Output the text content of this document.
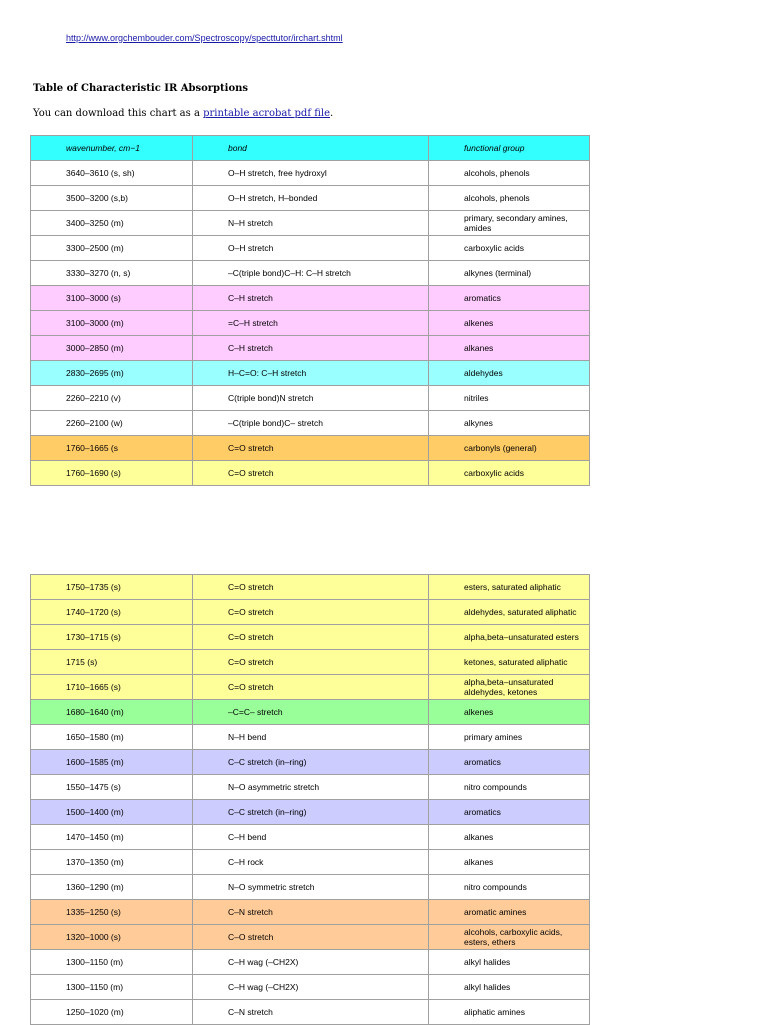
http://www.orgchembouder.com/Spectroscopy/specttutor/irchart.shtml
Table of Characteristic IR Absorptions
You can download this chart as a printable acrobat pdf file.
wavenumber, cm−1	bond	functional group
3640–3610 (s, sh)	O–H stretch, free hydroxyl	alcohols, phenols
3500–3200 (s,b)	O–H stretch, H–bonded	alcohols, phenols
3400–3250 (m)	N–H stretch	primary, secondary amines, amides
3300–2500 (m)	O–H stretch	carboxylic acids
3330–3270 (n, s)	–C(triple bond)C–H: C–H stretch	alkynes (terminal)
3100–3000 (s)	C–H stretch	aromatics
3100–3000 (m)	=C–H stretch	alkenes
3000–2850 (m)	C–H stretch	alkanes
2830–2695 (m)	H–C=O: C–H stretch	aldehydes
2260–2210 (v)	C(triple bond)N stretch	nitriles
2260–2100 (w)	–C(triple bond)C– stretch	alkynes
1760–1665 (s	C=O stretch	carbonyls (general)
1760–1690 (s)	C=O stretch	carboxylic acids
1750–1735 (s)	C=O stretch	esters, saturated aliphatic
1740–1720 (s)	C=O stretch	aldehydes, saturated aliphatic
1730–1715 (s)	C=O stretch	alpha,beta–unsaturated esters
1715 (s)	C=O stretch	ketones, saturated aliphatic
1710–1665 (s)	C=O stretch	alpha,beta–unsaturated aldehydes, ketones
1680–1640 (m)	–C=C– stretch	alkenes
1650–1580 (m)	N–H bend	primary amines
1600–1585 (m)	C–C stretch (in–ring)	aromatics
1550–1475 (s)	N–O asymmetric stretch	nitro compounds
1500–1400 (m)	C–C stretch (in–ring)	aromatics
1470–1450 (m)	C–H bend	alkanes
1370–1350 (m)	C–H rock	alkanes
1360–1290 (m)	N–O symmetric stretch	nitro compounds
1335–1250 (s)	C–N stretch	aromatic amines
1320–1000 (s)	C–O stretch	alcohols, carboxylic acids, esters, ethers
1300–1150 (m)	C–H wag (–CH2X)	alkyl halides
1300–1150 (m)	C–H wag (–CH2X)	alkyl halides
1250–1020 (m)	C–N stretch	aliphatic amines
